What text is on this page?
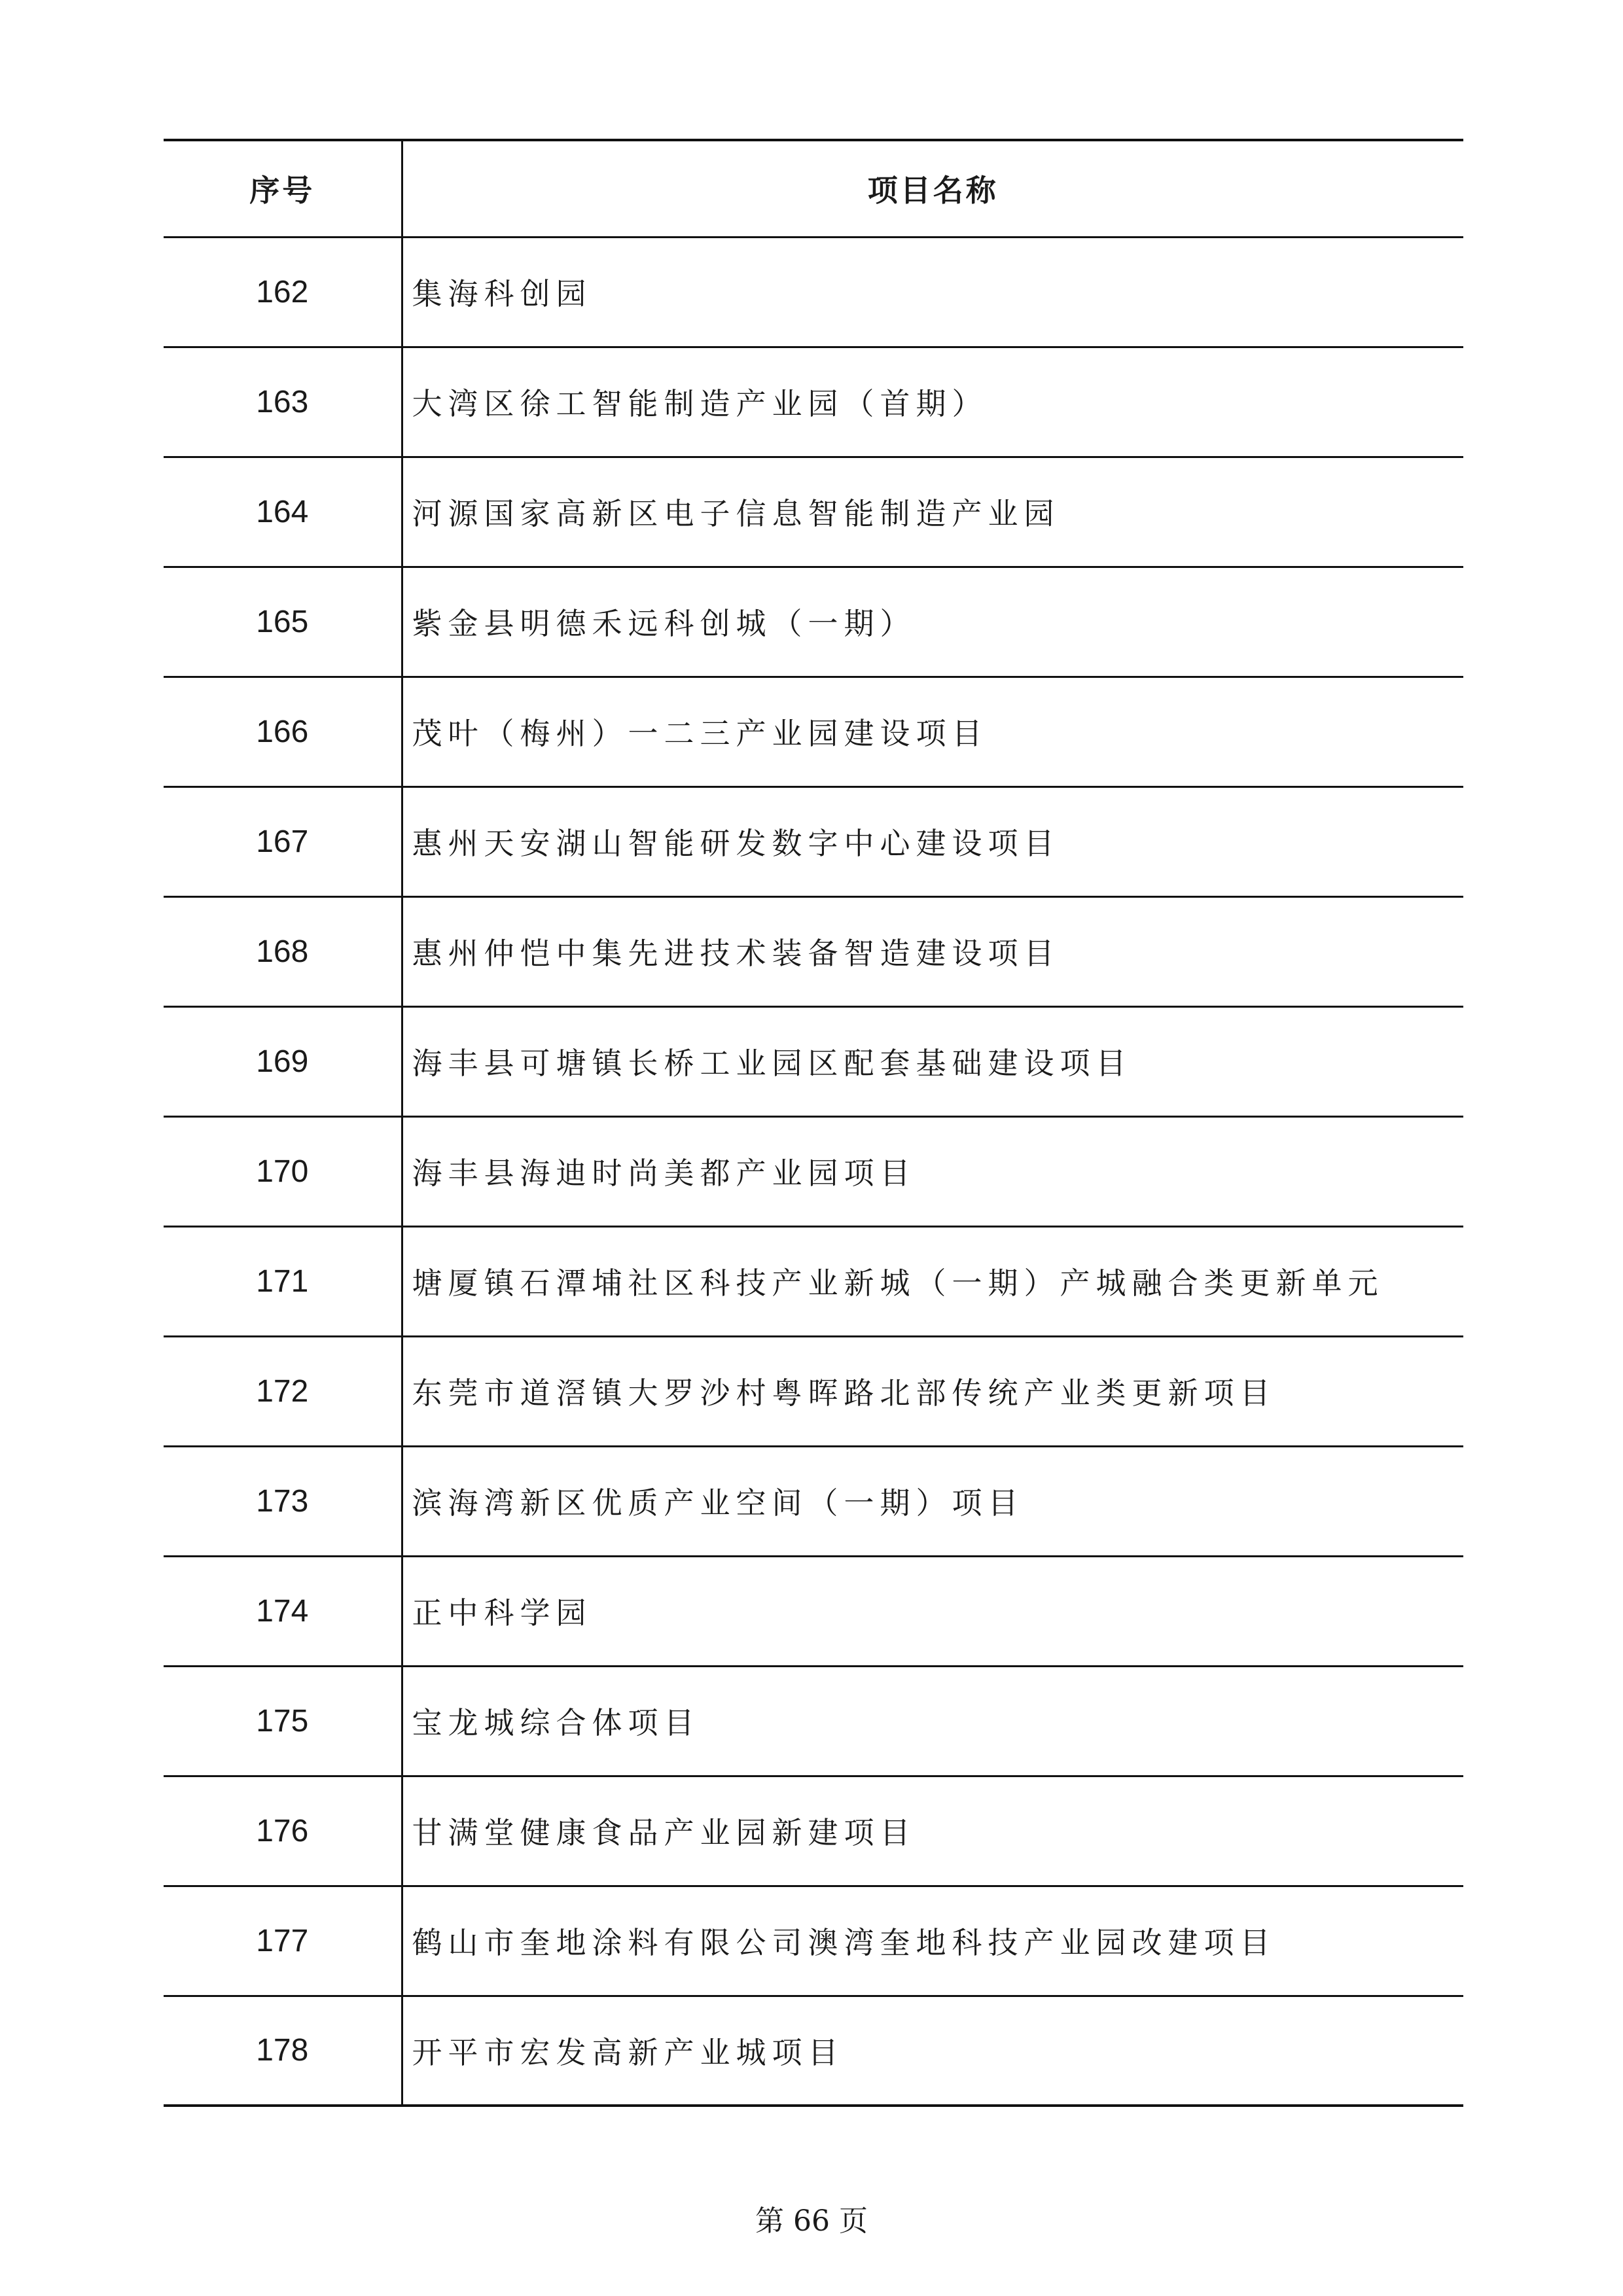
序号	项目名称
162	集海科创园
163	大湾区徐工智能制造产业园（首期）
164	河源国家高新区电子信息智能制造产业园
165	紫金县明德禾远科创城（一期）
166	茂叶（梅州）一二三产业园建设项目
167	惠州天安湖山智能研发数字中心建设项目
168	惠州仲恺中集先进技术装备智造建设项目
169	海丰县可塘镇长桥工业园区配套基础建设项目
170	海丰县海迪时尚美都产业园项目
171	塘厦镇石潭埔社区科技产业新城（一期）产城融合类更新单元
172	东莞市道滘镇大罗沙村粤晖路北部传统产业类更新项目
173	滨海湾新区优质产业空间（一期）项目
174	正中科学园
175	宝龙城综合体项目
176	甘满堂健康食品产业园新建项目
177	鹤山市奎地涂料有限公司澳湾奎地科技产业园改建项目
178	开平市宏发高新产业城项目
第 66 页
